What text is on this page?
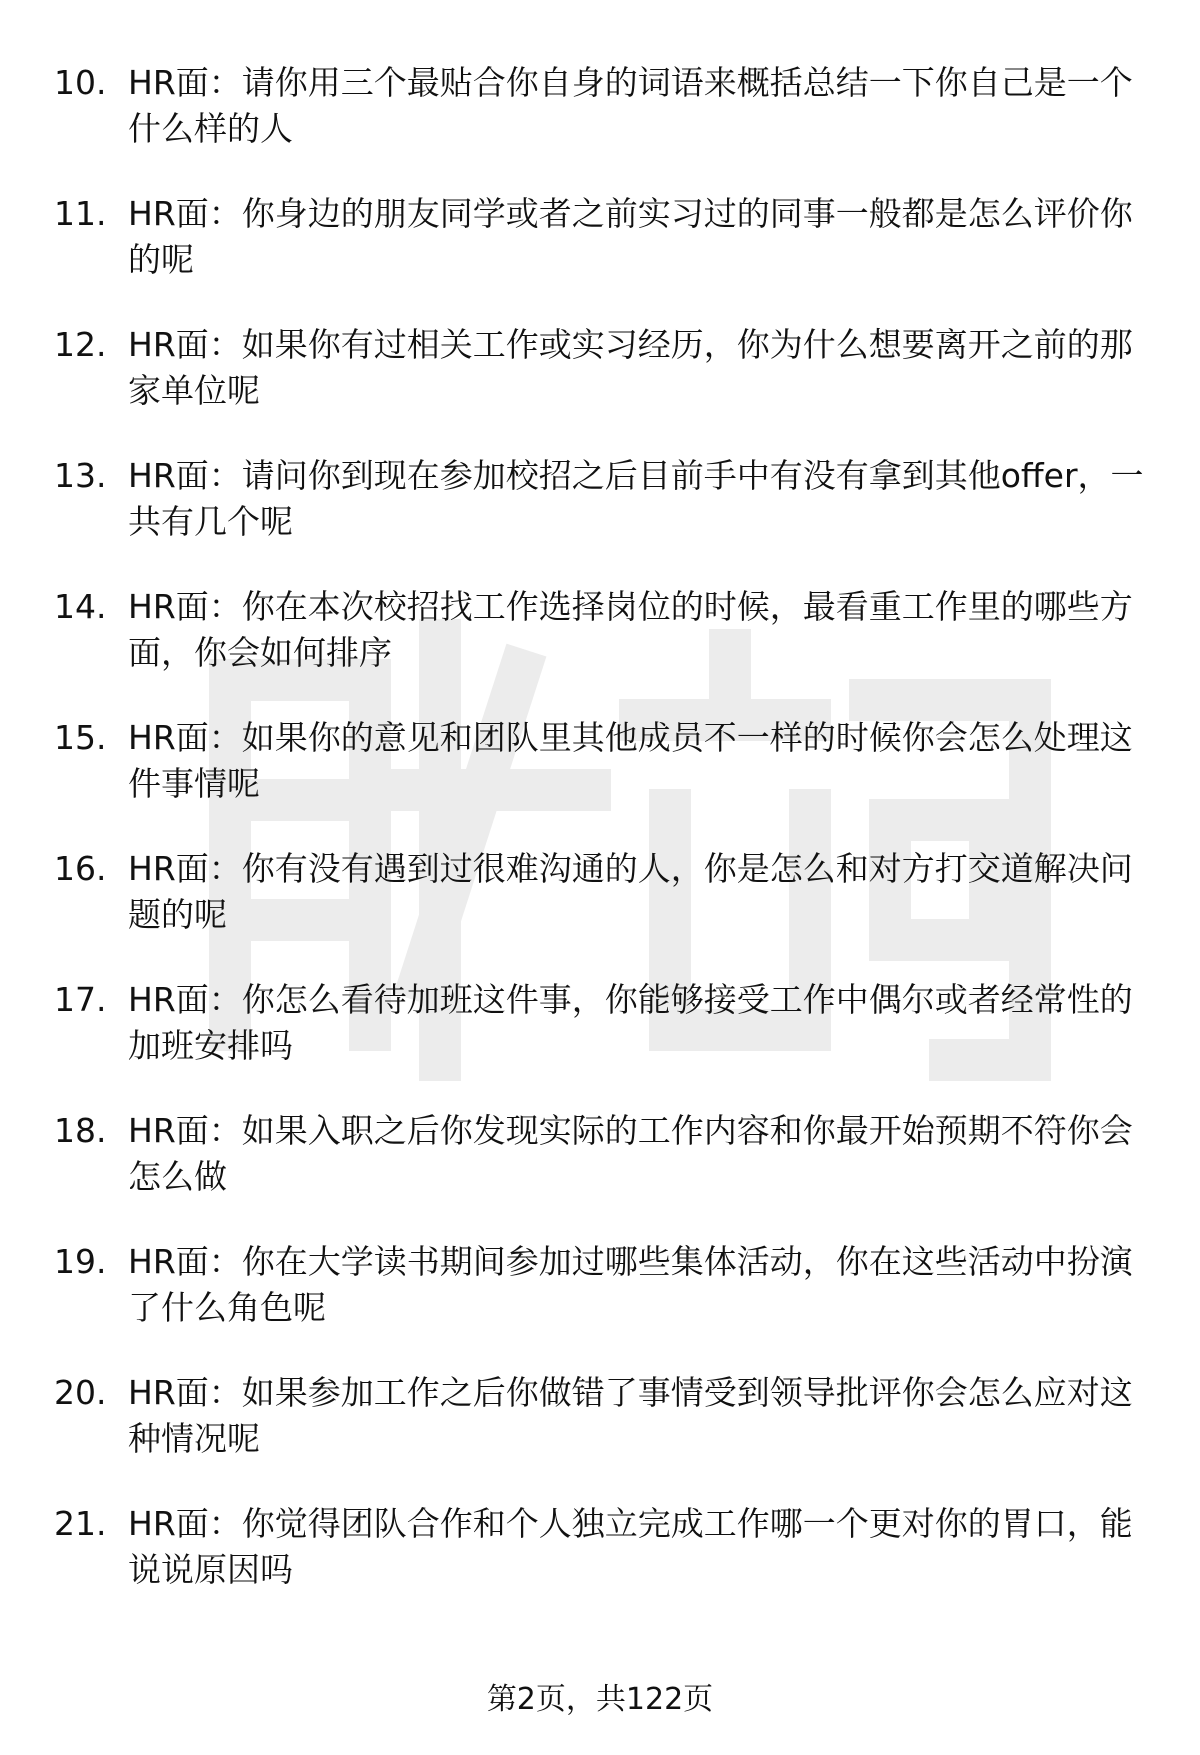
10. HR面：请你用三个最贴合你自身的词语来概括总结一下你自己是一个什么样的人
11. HR面：你身边的朋友同学或者之前实习过的同事一般都是怎么评价你的呢
12. HR面：如果你有过相关工作或实习经历，你为什么想要离开之前的那家单位呢
13. HR面：请问你到现在参加校招之后目前手中有没有拿到其他offer，一共有几个呢
14. HR面：你在本次校招找工作选择岗位的时候，最看重工作里的哪些方面，你会如何排序
15. HR面：如果你的意见和团队里其他成员不一样的时候你会怎么处理这件事情呢
16. HR面：你有没有遇到过很难沟通的人，你是怎么和对方打交道解决问题的呢
17. HR面：你怎么看待加班这件事，你能够接受工作中偶尔或者经常性的加班安排吗
18. HR面：如果入职之后你发现实际的工作内容和你最开始预期不符你会怎么做
19. HR面：你在大学读书期间参加过哪些集体活动，你在这些活动中扮演了什么角色呢
20. HR面：如果参加工作之后你做错了事情受到领导批评你会怎么应对这种情况呢
21. HR面：你觉得团队合作和个人独立完成工作哪一个更对你的胃口，能说说原因吗
第2页，共122页
